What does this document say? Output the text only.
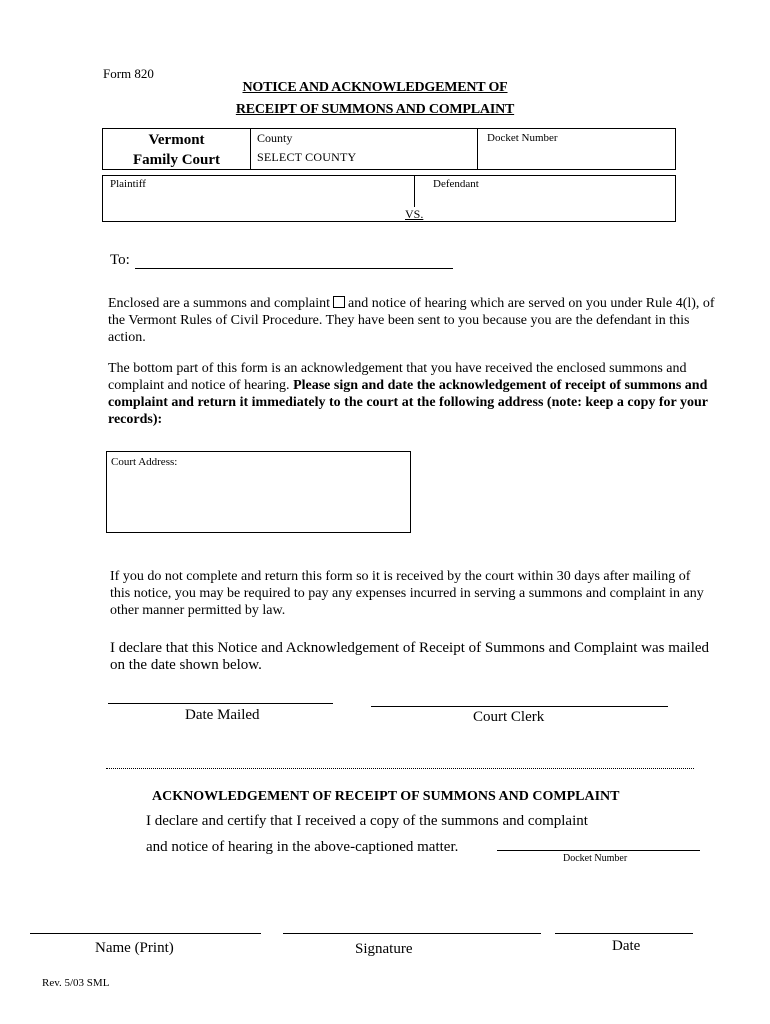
Form 820
NOTICE AND ACKNOWLEDGEMENT OF
RECEIPT OF SUMMONS AND COMPLAINT
Vermont
Family Court
County
SELECT COUNTY
Docket Number
Plaintiff	Defendant
VS.
To:
Enclosed are a summons and complaint and notice of hearing which are served on you under Rule 4(l), of the Vermont Rules of Civil Procedure. They have been sent to you because you are the defendant in this action.
The bottom part of this form is an acknowledgement that you have received the enclosed summons and complaint and notice of hearing. Please sign and date the acknowledgement of receipt of summons and complaint and return it immediately to the court at the following address (note: keep a copy for your records):
Court Address:
If you do not complete and return this form so it is received by the court within 30 days after mailing of this notice, you may be required to pay any expenses incurred in serving a summons and complaint in any other manner permitted by law.
I declare that this Notice and Acknowledgement of Receipt of Summons and Complaint was mailed on the date shown below.
Date Mailed	Court Clerk
ACKNOWLEDGEMENT OF RECEIPT OF SUMMONS AND COMPLAINT
I declare and certify that I received a copy of the summons and complaint
and notice of hearing in the above-captioned matter.
Docket Number
Name (Print)	Signature	Date
Rev. 5/03 SML
